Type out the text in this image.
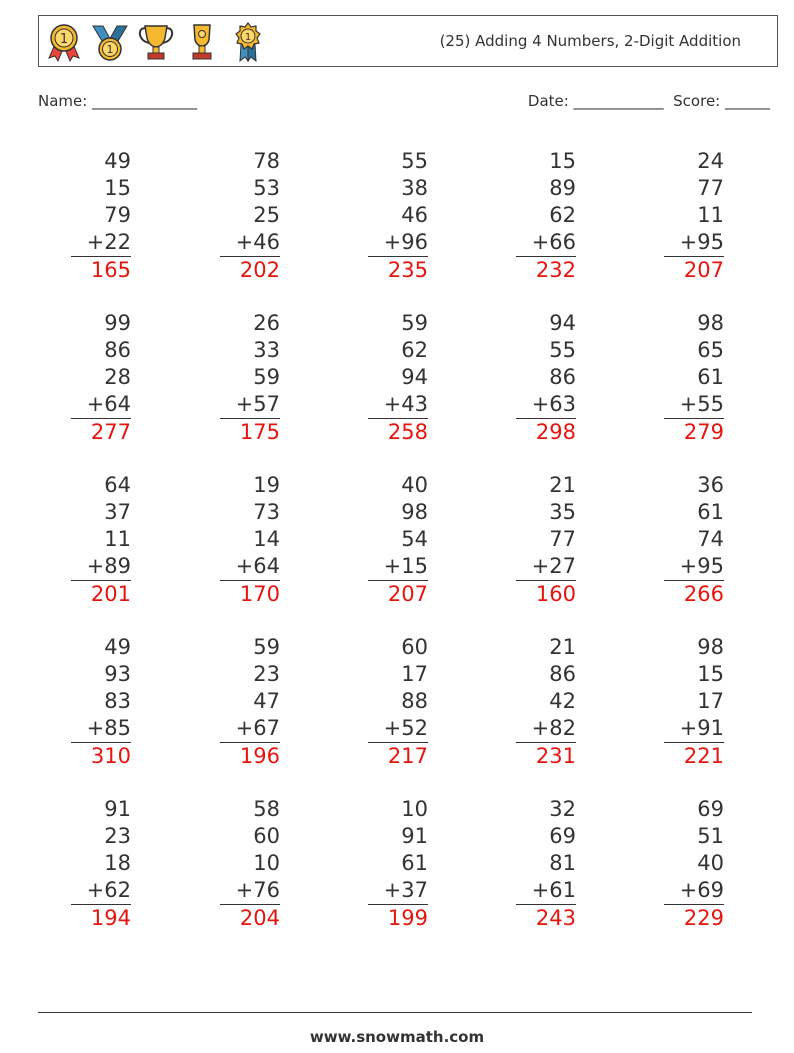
1
1
1	(25) Adding 4 Numbers, 2-Digit Addition
Name: ______________	Date: ____________ Score: ______
49
15
79
+22
165
78
53
25
+46
202
55
38
46
+96
235
15
89
62
+66
232
24
77
11
+95
207
99
86
28
+64
277
26
33
59
+57
175
59
62
94
+43
258
94
55
86
+63
298
98
65
61
+55
279
64
37
11
+89
201
19
73
14
+64
170
40
98
54
+15
207
21
35
77
+27
160
36
61
74
+95
266
49
93
83
+85
310
59
23
47
+67
196
60
17
88
+52
217
21
86
42
+82
231
98
15
17
+91
221
91
23
18
+62
194
58
60
10
+76
204
10
91
61
+37
199
32
69
81
+61
243
69
51
40
+69
229
www.snowmath.com
